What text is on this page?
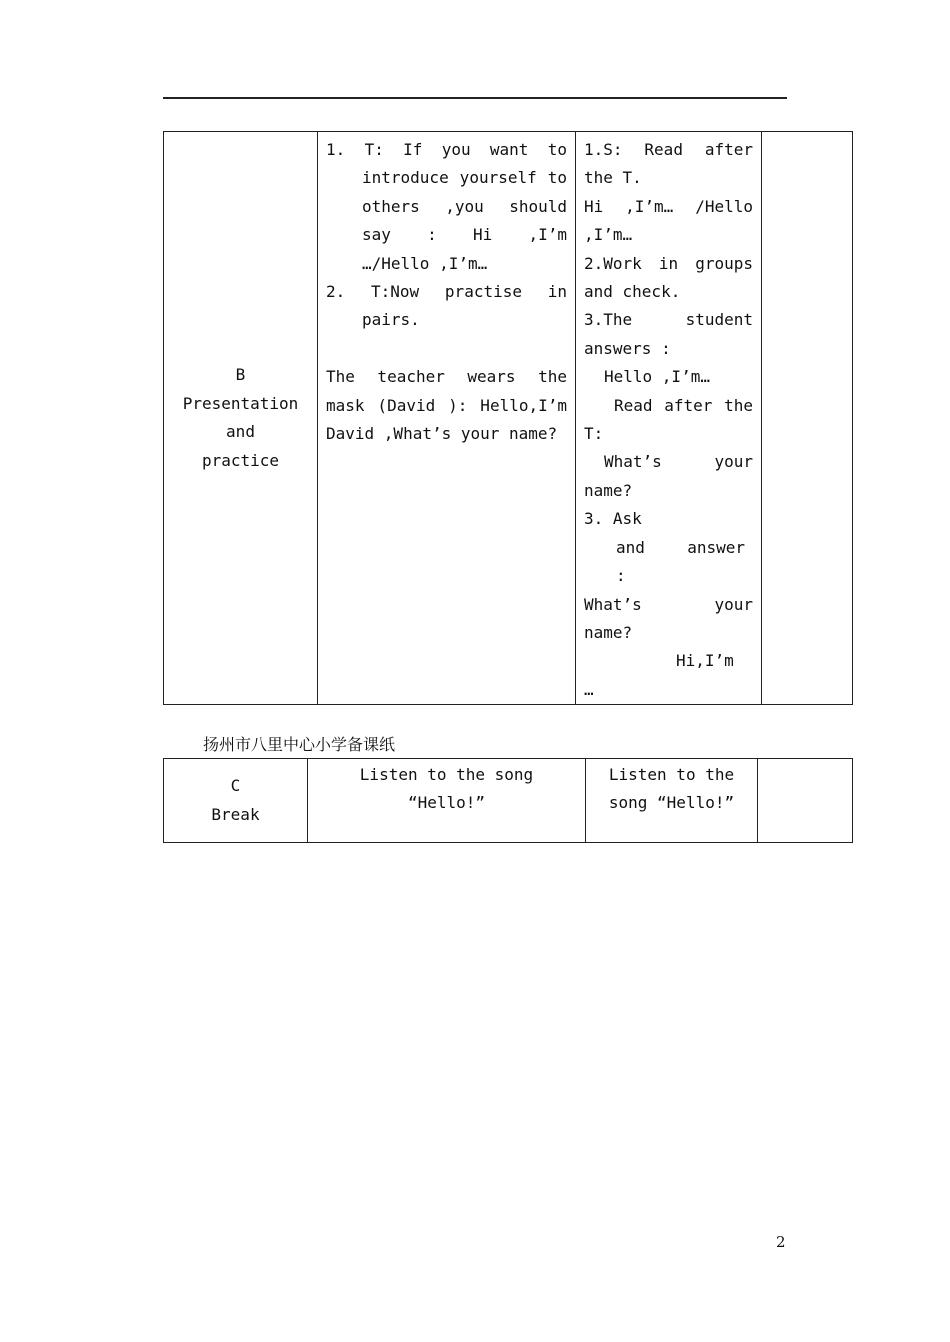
B
Presentation
and
practice

1. T: If you want to
introduce yourself to
others ,you should
say : Hi ,I’m
…/Hello ,I’m…
2. T:Now practise in
pairs.
The teacher wears the
mask (David ): Hello,I’m
David ,What’s your name?

1.S: Read after
the T.
Hi ,I’m… /Hello
,I’m…
2.Work in groups
and check.
3.The student
answers :
Hello ,I’m…
Read after the
T:
What’s your
name?
3. Ask
and answer
:
What’s your
name?
Hi,I’m
…

扬州市八里中心小学备课纸
C
Break

Listen to the song
“Hello!”

Listen to the
song “Hello!”

2
